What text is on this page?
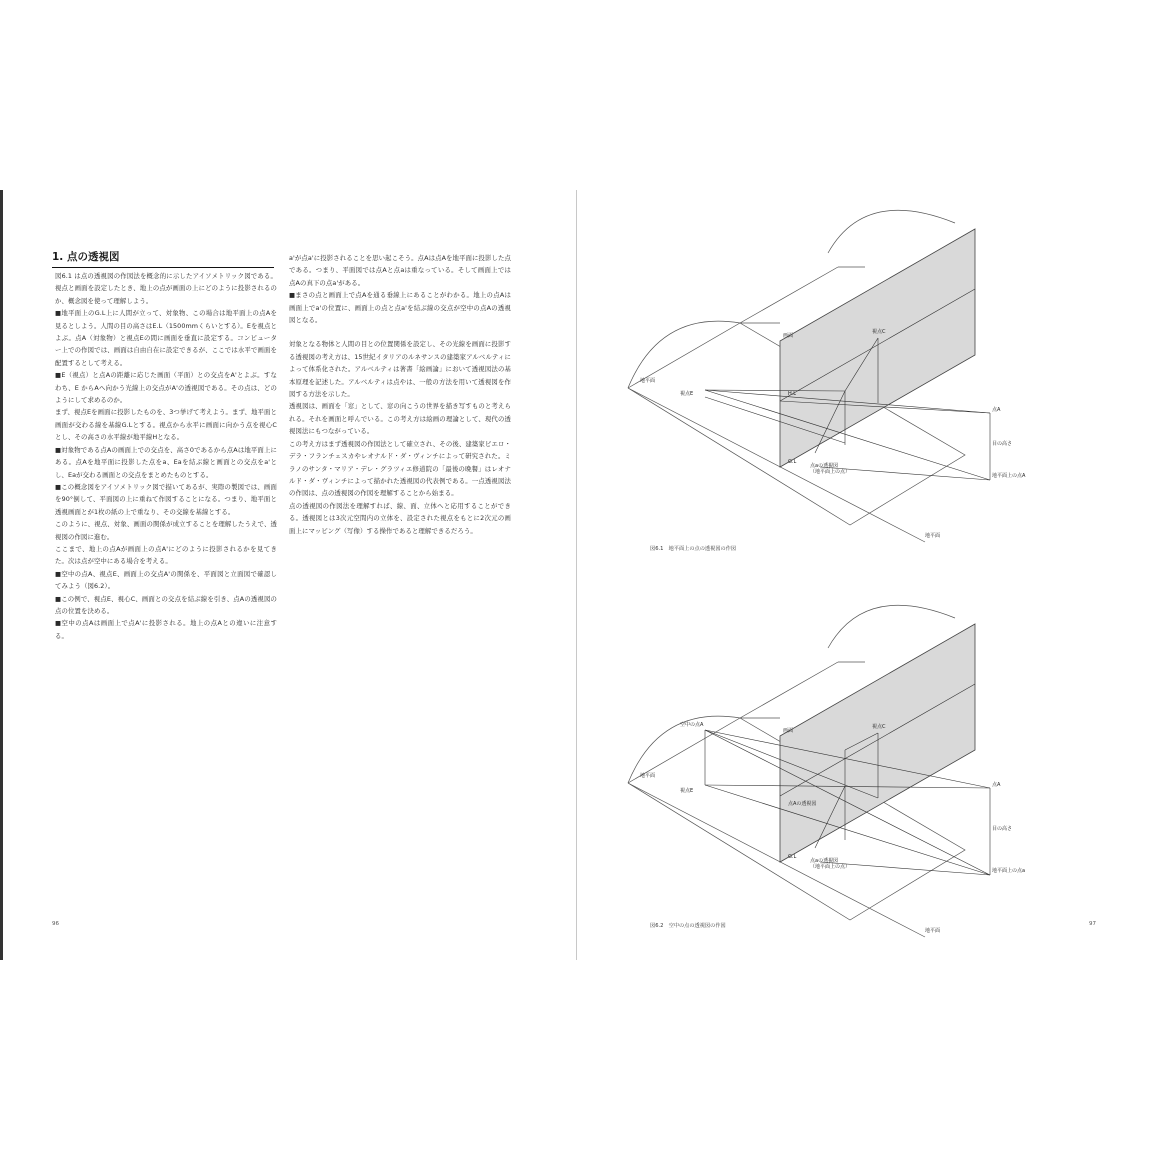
1. 点の透視図

図6.1 は点の透視図の作図法を概念的に示したアイソメトリック図である。視点と画面を設定したとき、地上の点が画面の上にどのように投影されるのか、概念図を使って理解しよう。

■地平面上のG.L上に人間が立って、対象物、この場合は地平面上の点Aを見るとしよう。人間の目の高さはE.L（1500mmくらいとする）。Eを視点とよぶ。点A（対象物）と視点Eの間に画面を垂直に設定する。コンピューター上での作図では、画面は自由自在に設定できるが、ここでは水平で画面を配置するとして考える。

■E（視点）と点Aの距離に応じた画面（平面）との交点をA'とよぶ。すなわち、E からAへ向かう光線上の交点がA'の透視図である。その点は、どのようにして求めるのか。

まず、視点Eを画面に投影したものを、3つ挙げて考えよう。まず、地平面と画面が交わる線を基線G.Lとする。視点から水平に画面に向かう点を視心Cとし、その高さの水平線が地平線Hとなる。

■対象物である点Aの画面上での交点を、高さ0であるから点Aは地平面上にある。点Aを地平面に投影した点をa、Eaを結ぶ線と画面との交点をa'とし、Eaが交わる画面との交点をまとめたものとする。

■この概念図をアイソメトリック図で描いてあるが、実際の製図では、画面を90°倒して、平面図の上に重ねて作図することになる。つまり、地平面と透視画面とが1枚の紙の上で重なり、その交線を基線とする。

このように、視点、対象、画面の関係が成立することを理解したうえで、透視図の作図に進む。

ここまで、地上の点Aが画面上の点A'にどのように投影されるかを見てきた。次は点が空中にある場合を考える。

■空中の点A、視点E、画面上の交点A'の関係を、平面図と立面図で確認してみよう（図6.2）。

■この例で、視点E、視心C、画面との交点を結ぶ線を引き、点Aの透視図の点の位置を決める。

■空中の点Aは画面上で点A'に投影される。地上の点Aとの違いに注意する。

a'が点a'に投影されることを思い起こそう。点Aは点Aを地平面に投影した点である。つまり、平面図では点Aと点aは重なっている。そして画面上では点Aの真下の点a'がある。

■まさの点と画面上で点Aを通る垂線上にあることがわかる。地上の点Aは画面上でa'の位置に、画面上の点と点a'を結ぶ線の交点が空中の点Aの透視図となる。

対象となる物体と人間の目との位置関係を設定し、その光線を画面に投影する透視図の考え方は、15世紀イタリアのルネサンスの建築家アルベルティによって体系化された。アルベルティは著書「絵画論」において透視図法の基本原理を記述した。アルベルティは点やは、一般の方法を用いて透視図を作図する方法を示した。

透視図は、画面を「窓」として、窓の向こうの世界を描き写すものと考えられる。それを画面と呼んでいる。この考え方は絵画の理論として、現代の透視図法にもつながっている。

この考え方はまず透視図の作図法として確立され、その後、建築家ピエロ・デラ・フランチェスカやレオナルド・ダ・ヴィンチによって研究された。ミラノのサンタ・マリア・デレ・グラツィエ修道院の「最後の晩餐」はレオナルド・ダ・ヴィンチによって描かれた透視図の代表例である。一点透視図法の作図は、点の透視図の作図を理解することから始まる。

点の透視図の作図法を理解すれば、線、面、立体へと応用することができる。透視図とは3次元空間内の立体を、設定された視点をもとに2次元の画面上にマッピング（写像）する操作であると理解できるだろう。

96	97
画面
視点C
地平面
視点E	H.L
G.L
点A
地平面上の点A
目の高さ
点aの透視図
（地平面上の点）
地平面
図6.1　地平面上の点の透視図の作図
画面
視点C
地平面
空中の点A
視点E
点Aの透視図
G.L
点A
地平面上の点a
目の高さ
点aの透視図
（地平面上の点）
地平面
図6.2　空中の点の透視図の作図
